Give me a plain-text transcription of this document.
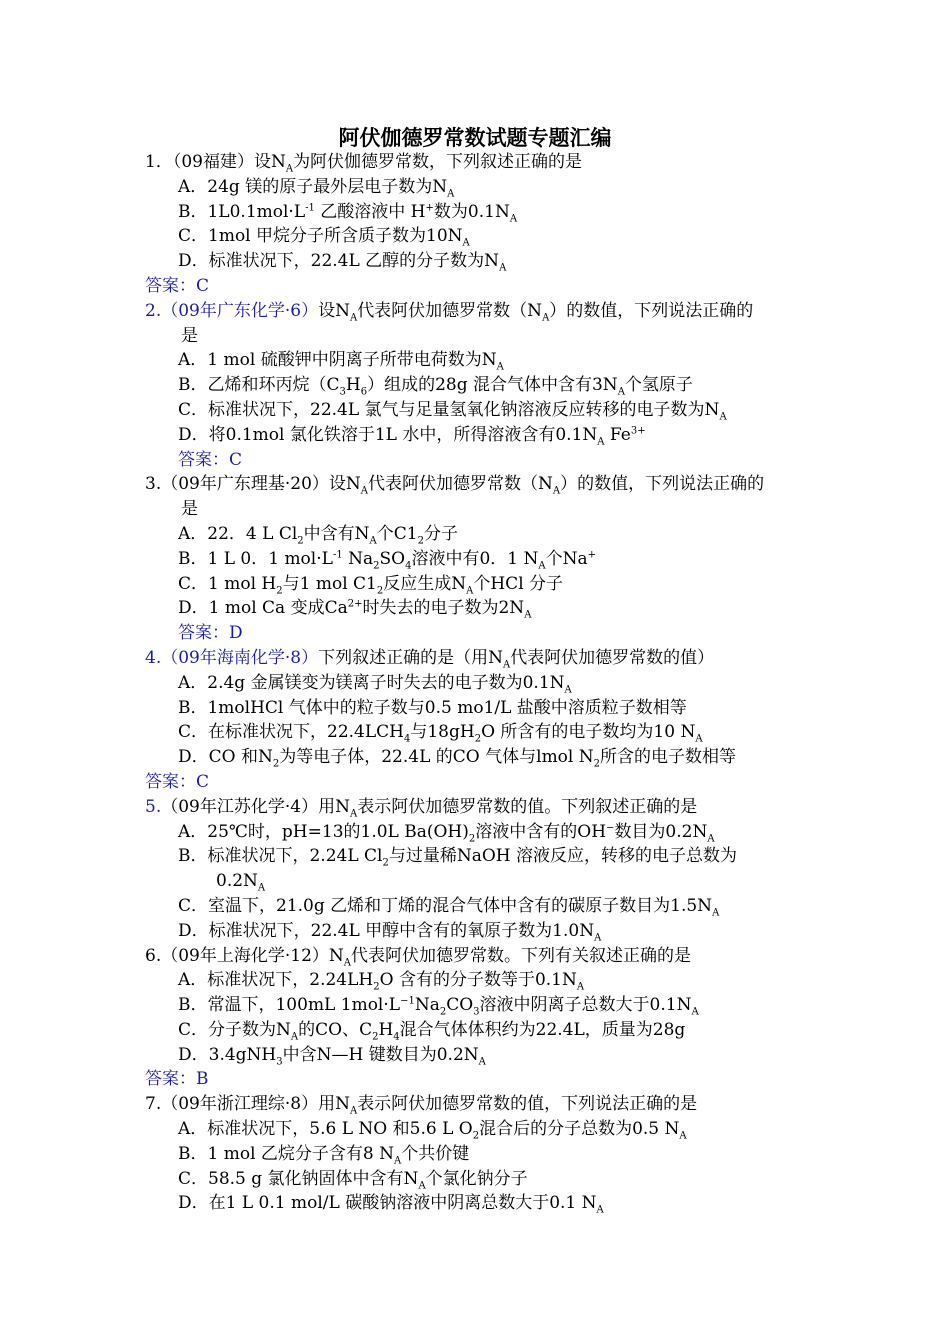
阿伏伽德罗常数试题专题汇编
1．（09福建）设$N_A$为阿伏伽德罗常数，下列叙述正确的是
A．24g 镁的原子最外层电子数为$N_A$
B．$1L0.1mol\cdot L^{-1}$ 乙酸溶液中 H+数为$0.1N_A$
C．1mol 甲烷分子所含质子数为$10N_A$
D．标准状况下，22.4L 乙醇的分子数为$N_A$
答案：C
2.（09年广东化学·6）设$N_A$代表阿伏加德罗常数$(N_A)$的数值，下列说法正确的
是
A．1 mol 硫酸钾中阴离子所带电荷数为$N_A$
B．乙烯和环丙烷$(C_3H_6)$组成的28g 混合气体中含有$3N_A$个氢原子
C．标准状况下，22.4L 氯气与足量氢氧化钠溶液反应转移的电子数为$N_A$
D．将0.1mol 氯化铁溶于1L 水中，所得溶液含有$0.1N_A$ $Fe^{3+}$
答案：C
3.（09年广东理基·20）设$N_A$代表阿伏加德罗常数$(N_A)$的数值，下列说法正确的
是
A．22．4 L $Cl_2$中含有$N_A$个$C1_2$分子
B．1 L 0．1 $mol\cdot L^{-1}$ $Na_2SO_4$溶液中有0．1 $N_A$个Na+
C．1 mol $H_2$与1 mol $C1_2$反应生成$N_A$个HCl 分子
D．1 mol Ca 变成$Ca^{2+}$时失去的电子数为$2N_A$
答案：D
4.（09年海南化学·8）下列叙述正确的是（用$N_A$代表阿伏加德罗常数的值）
A．2.4g 金属镁变为镁离子时失去的电子数为$0.1N_A$
B．1molHCl 气体中的粒子数与0.5 mo1/L 盐酸中溶质粒子数相等
C．在标准状况下，$22.4LCH_4$与$18gH_2O$ 所含有的电子数均为10 $N_A$
D．CO 和$N_2$为等电子体，22.4L 的CO 气体与lmol $N_2$所含的电子数相等
答案：C
5.（09年江苏化学·4）用$N_A$表示阿伏加德罗常数的值。下列叙述正确的是
A．25℃时，pH=13的1.0L $Ba(OH)_2$溶液中含有的OH−数目为$0.2N_A$
B．标准状况下，2.24L $Cl_2$与过量稀NaOH 溶液反应，转移的电子总数为
$0.2N_A$
C．室温下，21.0g 乙烯和丁烯的混合气体中含有的碳原子数目为$1.5N_A$
D．标准状况下，22.4L 甲醇中含有的氧原子数为$1.0N_A$
6.（09年上海化学$\cdot 12)N_A$代表阿伏加德罗常数。下列有关叙述正确的是
A．标准状况下，$2.24LH_2O$ 含有的分子数等于$0.1N_A$
B．常温下，100mL $1mol\cdot L^{-1}Na_2CO_3$溶液中阴离子总数大于$0.1N_A$
C．分子数为$N_A$的CO、$C_2H_4$混合气体体积约为22.4L，质量为28g
D．3.4gNH$_3$中含N—H 键数目为$0.2N_A$
答案：B
7.（09年浙江理综·8）用$N_A$表示阿伏加德罗常数的值，下列说法正确的是
A．标准状况下，5.6 L NO 和5.6 L $O_2$混合后的分子总数为0.5 $N_A$
B．1 mol 乙烷分子含有8 $N_A$个共价键
C．58.5 g 氯化钠固体中含有$N_A$个氯化钠分子
D．在1 L 0.1 mol/L 碳酸钠溶液中阴离总数大于0.1 $N_A$
